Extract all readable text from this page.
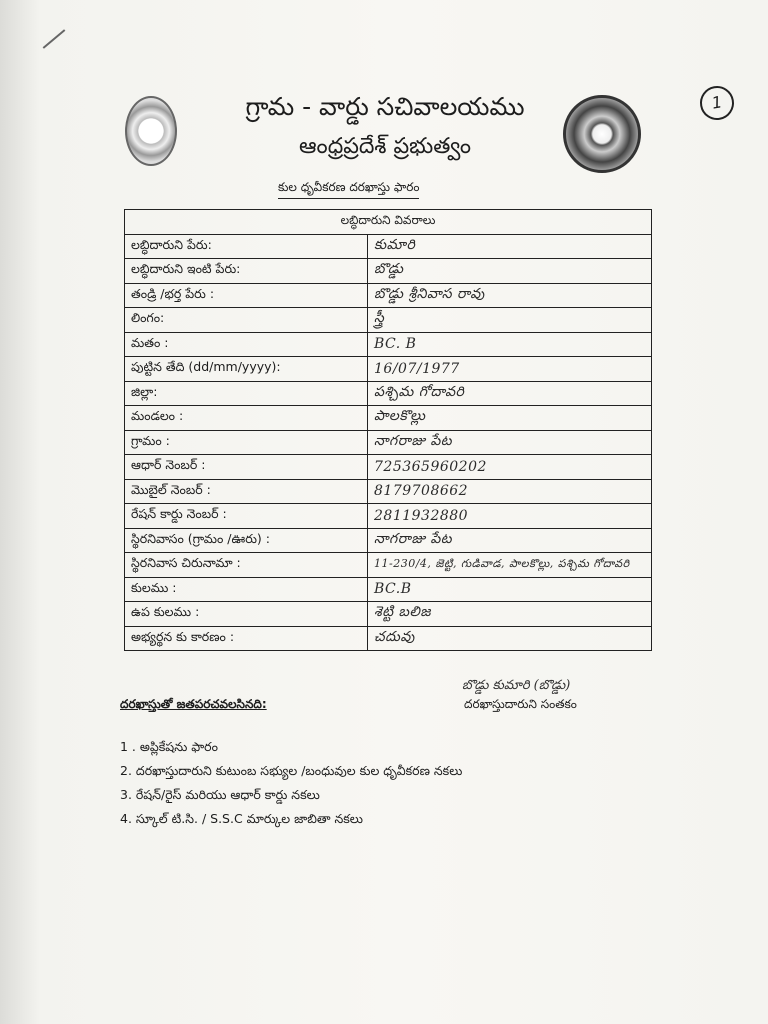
1
గ్రామ - వార్డు సచివాలయము
ఆంధ్రప్రదేశ్ ప్రభుత్వం
కుల ధృవీకరణ దరఖాస్తు ఫారం
లబ్ధిదారుని వివరాలు	
లబ్ధిదారుని పేరు:	కుమారి
లబ్ధిదారుని ఇంటి పేరు:	బొడ్డు
తండ్రి /భర్త పేరు :	బొడ్డు శ్రీనివాస రావు
లింగం:	స్త్రీ
మతం :	BC. B
పుట్టిన తేది (dd/mm/yyyy):	16/07/1977
జిల్లా:	పశ్చిమ గోదావరి
మండలం :	పాలకొల్లు
గ్రామం :	నాగరాజు పేట
ఆధార్ నెంబర్ :	725365960202
మొబైల్ నెంబర్ :	8179708662
రేషన్ కార్డు నెంబర్ :	2811932880
స్థిరనివాసం (గ్రామం /ఊరు) :	నాగరాజు పేట
స్థిరనివాస చిరునామా :	11-230/4, జెట్టి, గుడివాడ, పాలకొల్లు, పశ్చిమ గోదావరి
కులము :	BC.B
ఉప కులము :	శెట్టి బలిజ
అభ్యర్థన కు కారణం :	చదువు
దరఖాస్తుతో జతపరచవలసినది:
బొడ్డు కుమారి (బొడ్డు)
దరఖాస్తుదారుని సంతకం
1 . అప్లికేషను ఫారం
2. దరఖాస్తుదారుని కుటుంబ సభ్యుల /బంధువుల కుల ధృవీకరణ నకలు
3. రేషన్/రైస్ మరియు ఆధార్ కార్డు నకలు
4. స్కూల్ టి.సి. / S.S.C మార్కుల జాబితా నకలు
